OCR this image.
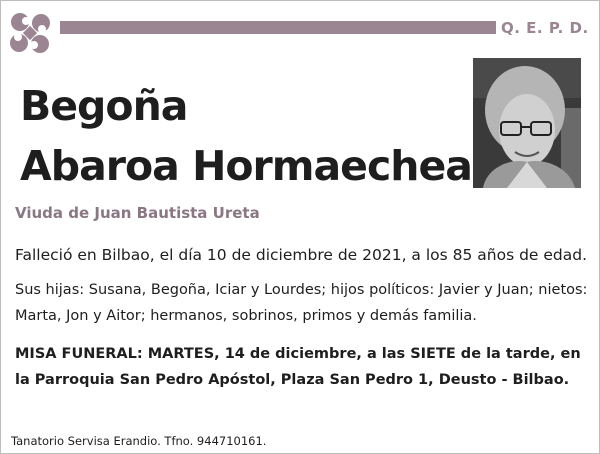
Q. E. P. D.
Begoña
Abaroa Hormaechea
Viuda de Juan Bautista Ureta

Falleció en Bilbao, el día 10 de diciembre de 2021, a los 85 años de edad.

Sus hijas: Susana, Begoña, Iciar y Lourdes; hijos políticos: Javier y Juan; nietos: Marta, Jon y Aitor; hermanos, sobrinos, primos y demás familia.

MISA FUNERAL: MARTES, 14 de diciembre, a las SIETE de la tarde, en la Parroquia San Pedro Apóstol, Plaza San Pedro 1, Deusto - Bilbao.

Tanatorio Servisa Erandio. Tfno. 944710161.
